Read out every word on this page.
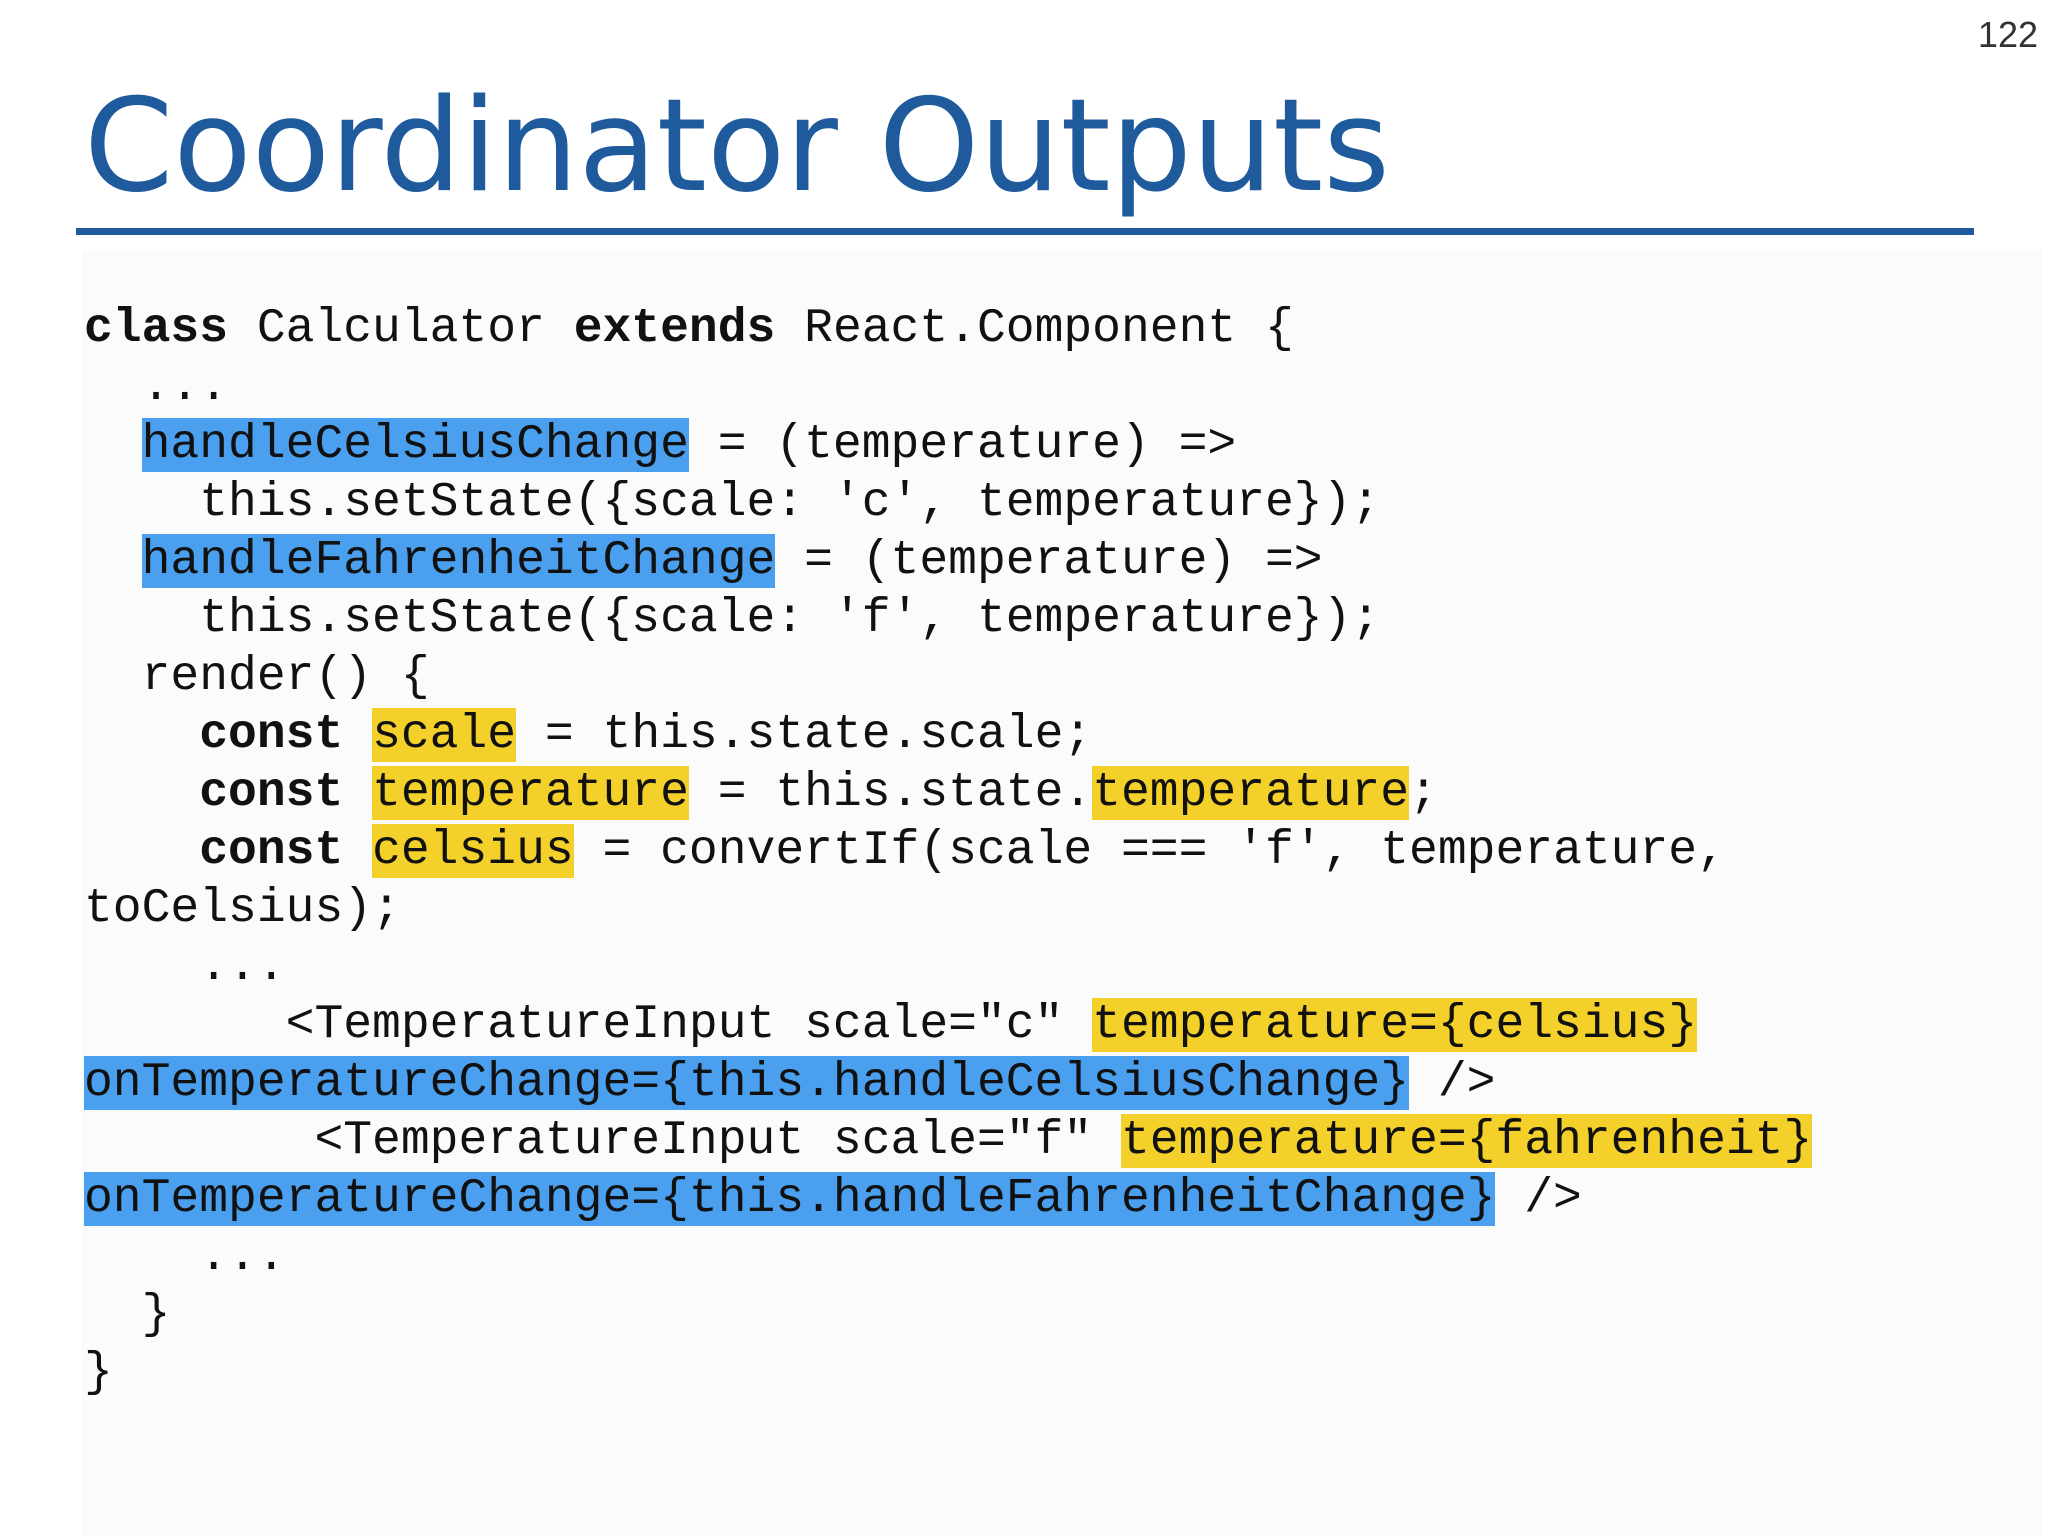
122
Coordinator Outputs
class Calculator extends React.Component {
...
handleCelsiusChange = (temperature) =>
this.setState({scale: 'c', temperature});
handleFahrenheitChange = (temperature) =>
this.setState({scale: 'f', temperature});
render() {
const scale = this.state.scale;
const temperature = this.state.temperature;
const celsius = convertIf(scale === 'f', temperature,
toCelsius);
...
<TemperatureInput scale="c" temperature={celsius}
onTemperatureChange={this.handleCelsiusChange} />
<TemperatureInput scale="f" temperature={fahrenheit}
onTemperatureChange={this.handleFahrenheitChange} />
...
}
}
